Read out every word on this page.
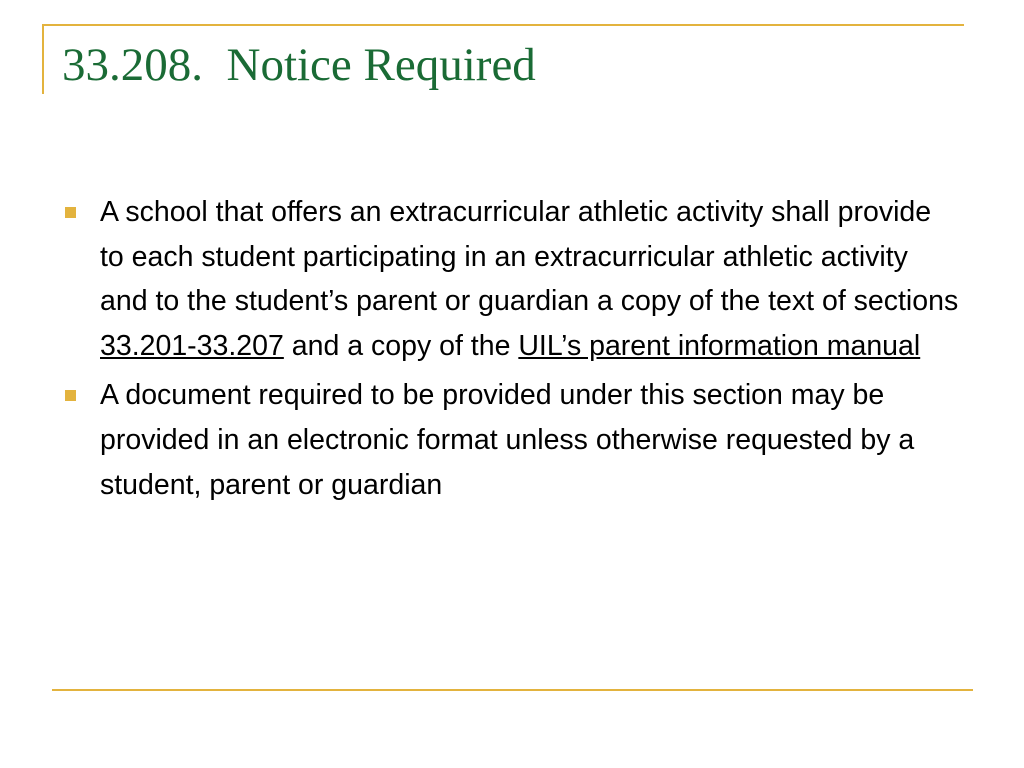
33.208.  Notice Required
A school that offers an extracurricular athletic activity shall provide to each student participating in an extracurricular athletic activity and to the student’s parent or guardian a copy of the text of sections 33.201-33.207 and a copy of the UIL’s parent information manual
A document required to be provided under this section may be provided in an electronic format unless otherwise requested by a student, parent or guardian
